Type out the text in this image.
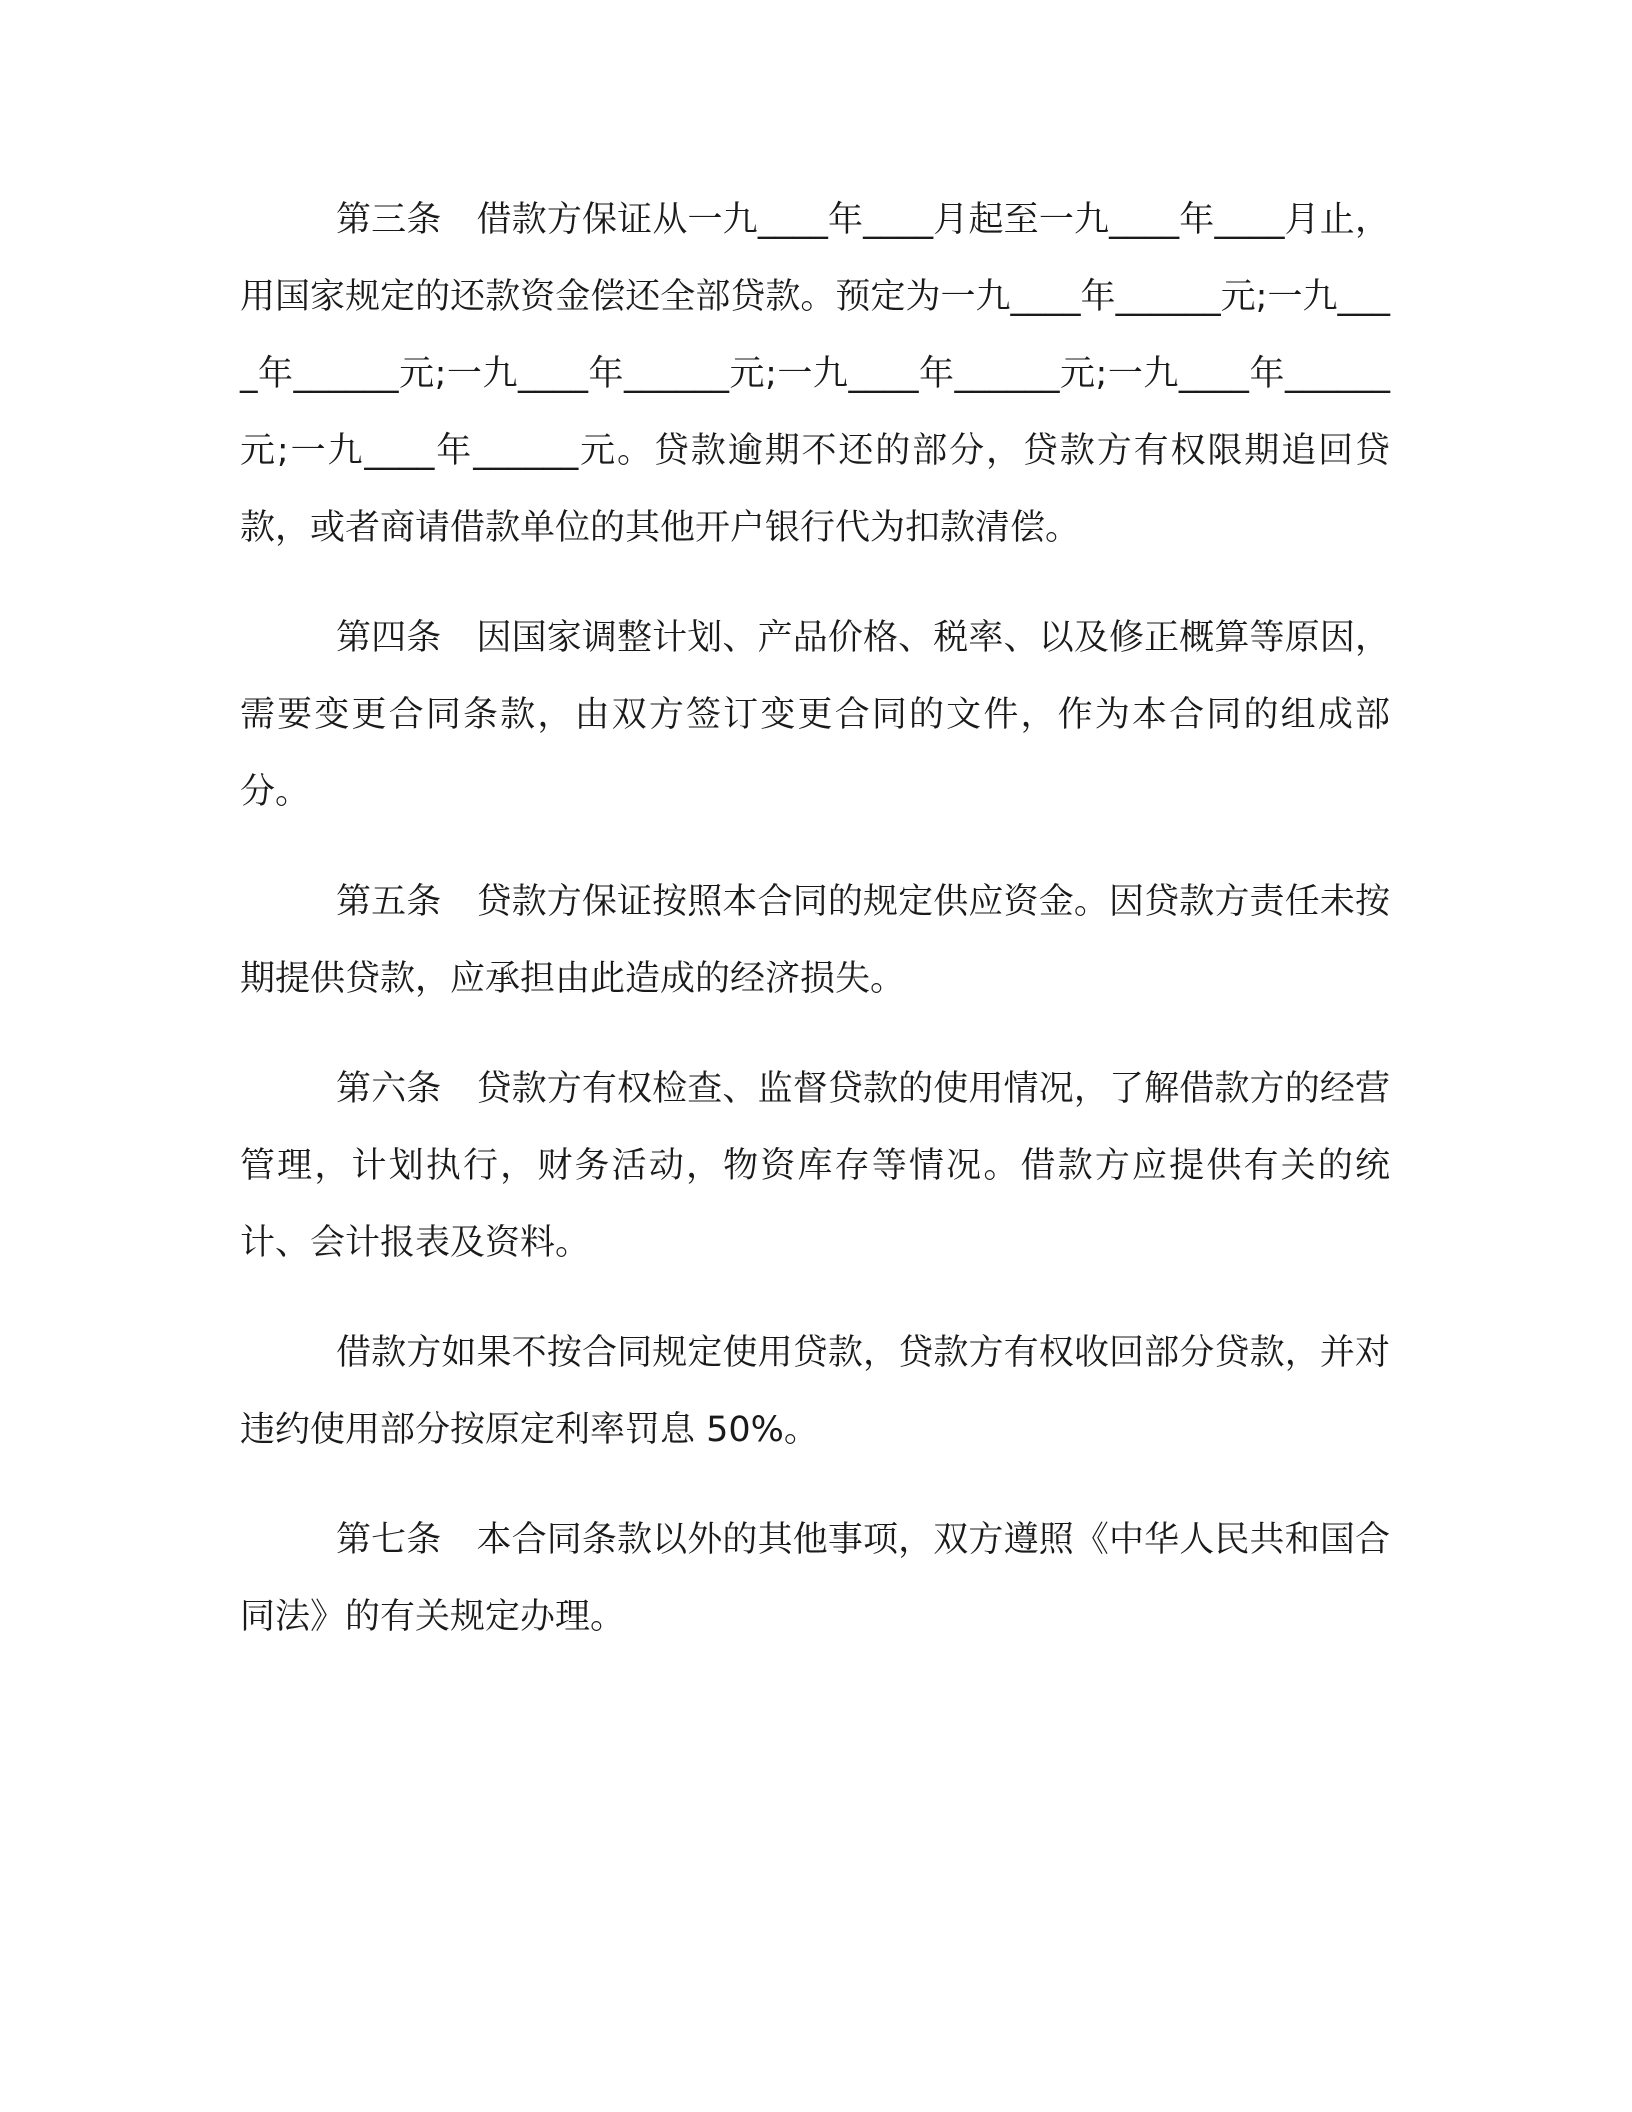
第三条 借款方保证从一九____年____月起至一九____年____月止，用国家规定的还款资金偿还全部贷款。预定为一九____年______元;一九____年______元;一九____年______元;一九____年______元;一九____年______元;一九____年______元。贷款逾期不还的部分，贷款方有权限期追回贷款，或者商请借款单位的其他开户银行代为扣款清偿。

第四条 因国家调整计划、产品价格、税率、以及修正概算等原因，需要变更合同条款，由双方签订变更合同的文件，作为本合同的组成部分。

第五条 贷款方保证按照本合同的规定供应资金。因贷款方责任未按期提供贷款，应承担由此造成的经济损失。

第六条 贷款方有权检查、监督贷款的使用情况，了解借款方的经营管理，计划执行，财务活动，物资库存等情况。借款方应提供有关的统计、会计报表及资料。

借款方如果不按合同规定使用贷款，贷款方有权收回部分贷款，并对违约使用部分按原定利率罚息 50%。

第七条 本合同条款以外的其他事项，双方遵照《中华人民共和国合同法》的有关规定办理。
